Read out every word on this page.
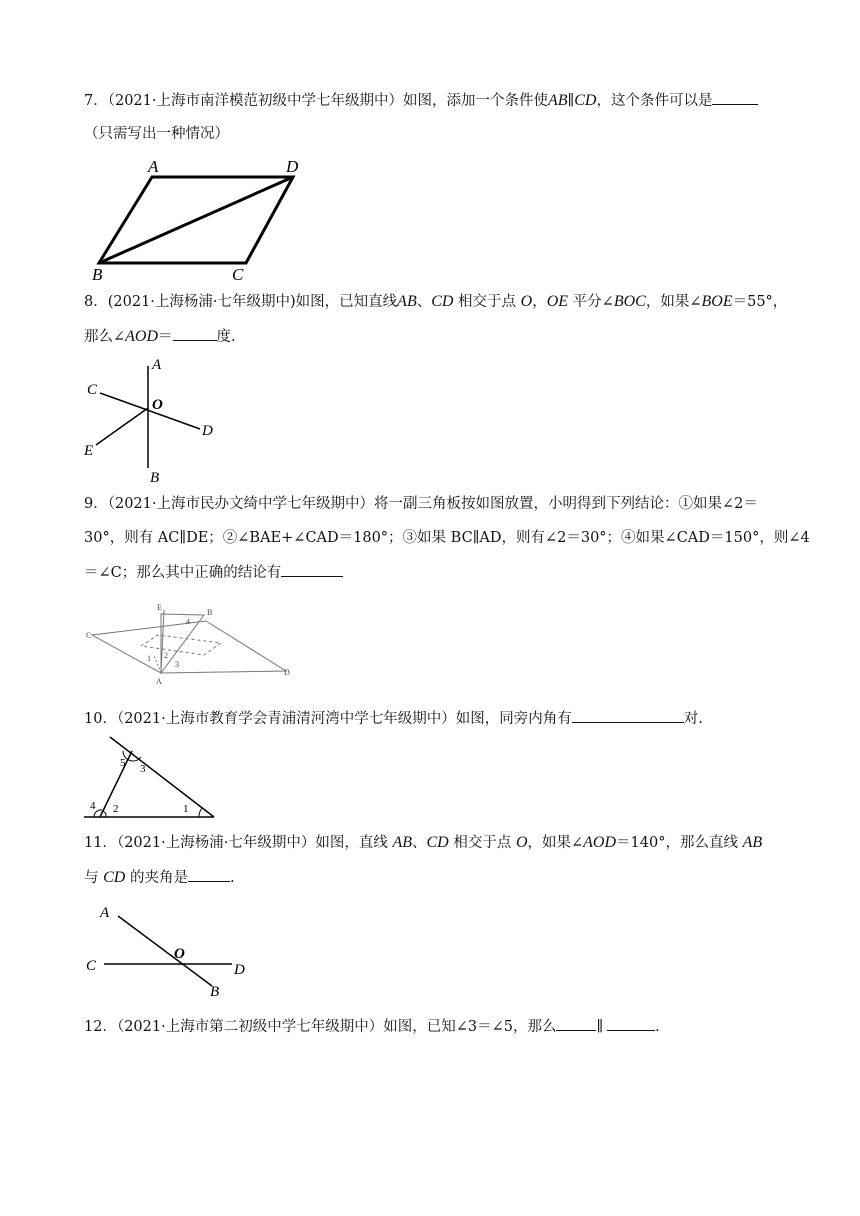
7．（2021·上海市南洋模范初级中学七年级期中）如图，添加一个条件使AB∥CD，这个条件可以是
（只需写出一种情况）
A	D
B	C
8．(2021·上海杨浦·七年级期中)如图，已知直线AB、CD 相交于点 O，OE 平分∠BOC，如果∠BOE＝55°，
那么∠AOD＝	度.
A
C
O
D
E
B
9．（2021·上海市民办文绮中学七年级期中）将一副三角板按如图放置，小明得到下列结论：①如果∠2＝
30°，则有 AC∥DE；②∠BAE+∠CAD＝180°；③如果 BC∥AD，则有∠2＝30°；④如果∠CAD＝150°，则∠4
＝∠C；那么其中正确的结论有
E
B
C
D
A
1 2
3
4
10．（2021·上海市教育学会青浦清河湾中学七年级期中）如图，同旁内角有	对.
5 3
4 2	1
11．（2021·上海杨浦·七年级期中）如图，直线 AB、CD 相交于点 O，如果∠AOD＝140°，那么直线 AB
与 CD 的夹角是	.
A
C
O
D
B
12．（2021·上海市第二初级中学七年级期中）如图，已知∠3＝∠5，那么	∥	.
